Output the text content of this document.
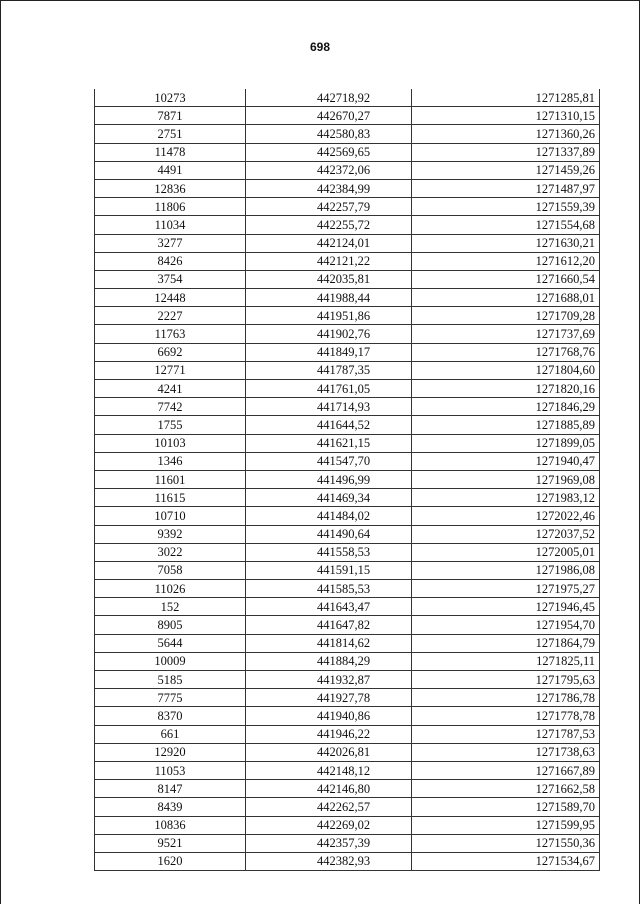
698
10273	442718,92	1271285,81
7871	442670,27	1271310,15
2751	442580,83	1271360,26
11478	442569,65	1271337,89
4491	442372,06	1271459,26
12836	442384,99	1271487,97
11806	442257,79	1271559,39
11034	442255,72	1271554,68
3277	442124,01	1271630,21
8426	442121,22	1271612,20
3754	442035,81	1271660,54
12448	441988,44	1271688,01
2227	441951,86	1271709,28
11763	441902,76	1271737,69
6692	441849,17	1271768,76
12771	441787,35	1271804,60
4241	441761,05	1271820,16
7742	441714,93	1271846,29
1755	441644,52	1271885,89
10103	441621,15	1271899,05
1346	441547,70	1271940,47
11601	441496,99	1271969,08
11615	441469,34	1271983,12
10710	441484,02	1272022,46
9392	441490,64	1272037,52
3022	441558,53	1272005,01
7058	441591,15	1271986,08
11026	441585,53	1271975,27
152	441643,47	1271946,45
8905	441647,82	1271954,70
5644	441814,62	1271864,79
10009	441884,29	1271825,11
5185	441932,87	1271795,63
7775	441927,78	1271786,78
8370	441940,86	1271778,78
661	441946,22	1271787,53
12920	442026,81	1271738,63
11053	442148,12	1271667,89
8147	442146,80	1271662,58
8439	442262,57	1271589,70
10836	442269,02	1271599,95
9521	442357,39	1271550,36
1620	442382,93	1271534,67
